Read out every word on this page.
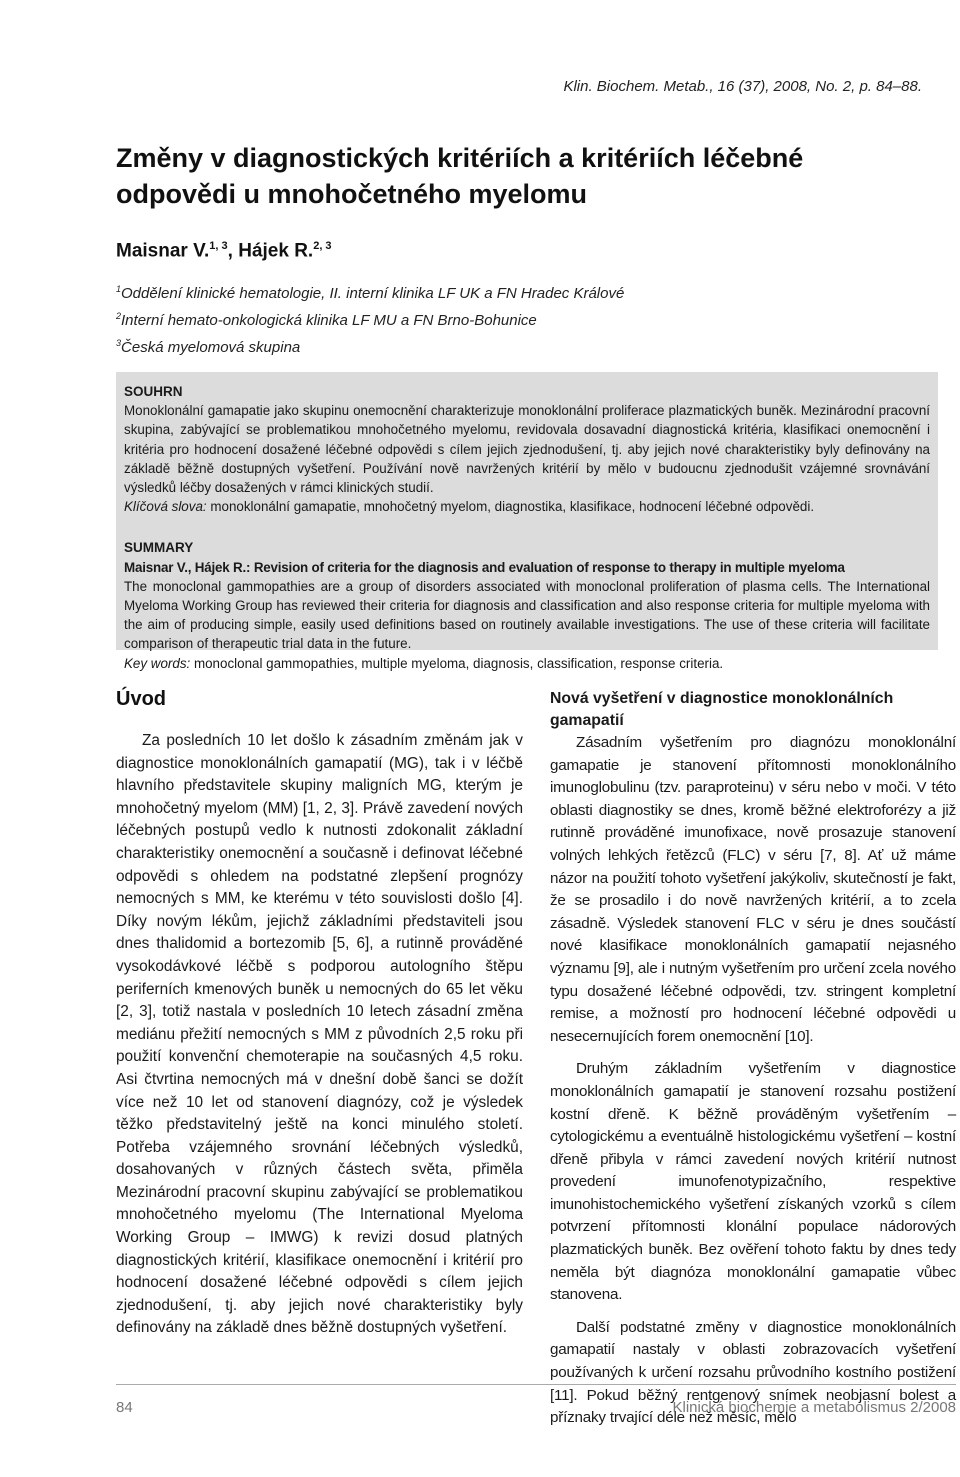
Klin. Biochem. Metab., 16 (37), 2008, No. 2, p. 84–88.
Změny v diagnostických kritériích a kritériích léčebné odpovědi u mnohočetného myelomu
Maisnar V.$^{1, 3}$, Hájek R.$^{2, 3}$
$^1$Oddělení klinické hematologie, II. interní klinika LF UK a FN Hradec Králové
$^2$Interní hemato-onkologická klinika LF MU a FN Brno-Bohunice
$^3$Česká myelomová skupina
SOUHRN

Monoklonální gamapatie jako skupinu onemocnění charakterizuje monoklonální proliferace plazmatických buněk. Mezinárodní pracovní skupina, zabývající se problematikou mnohočetného myelomu, revidovala dosavadní diagnostická kritéria, klasifikaci onemocnění i kritéria pro hodnocení dosažené léčebné odpovědi s cílem jejich zjednodušení, tj. aby jejich nové charakteristiky byly definovány na základě běžně dostupných vyšetření. Používání nově navržených kritérií by mělo v budoucnu zjednodušit vzájemné srovnávání výsledků léčby dosažených v rámci klinických studií.

Klíčová slova: monoklonální gamapatie, mnohočetný myelom, diagnostika, klasifikace, hodnocení léčebné odpovědi.

SUMMARY

Maisnar V., Hájek R.: Revision of criteria for the diagnosis and evaluation of response to therapy in multiple myeloma

The monoclonal gammopathies are a group of disorders associated with monoclonal proliferation of plasma cells. The International Myeloma Working Group has reviewed their criteria for diagnosis and classification and also response criteria for multiple myeloma with the aim of producing simple, easily used definitions based on routinely available investigations. The use of these criteria will facilitate comparison of therapeutic trial data in the future.

Key words: monoclonal gammopathies, multiple myeloma, diagnosis, classification, response criteria.

Úvod

Za posledních 10 let došlo k zásadním změnám jak v diagnostice monoklonálních gamapatií (MG), tak i v léčbě hlavního představitele skupiny maligních MG, kterým je mnohočetný myelom (MM) [1, 2, 3]. Právě zavedení nových léčebných postupů vedlo k nutnosti zdokonalit základní charakteristiky onemocnění a současně i definovat léčebné odpovědi s ohledem na podstatné zlepšení prognózy nemocných s MM, ke kterému v této souvislosti došlo [4]. Díky novým lékům, jejichž základními představiteli jsou dnes thalidomid a bortezomib [5, 6], a rutinně prováděné vysokodávkové léčbě s podporou autologního štěpu periferních kmenových buněk u nemocných do 65 let věku [2, 3], totiž nastala v posledních 10 letech zásadní změna mediánu přežití nemocných s MM z původních 2,5 roku při použití konvenční chemoterapie na současných 4,5 roku. Asi čtvrtina nemocných má v dnešní době šanci se dožít více než 10 let od stanovení diagnózy, což je výsledek těžko představitelný ještě na konci minulého století. Potřeba vzájemného srovnání léčebných výsledků, dosahovaných v různých částech světa, přiměla Mezinárodní pracovní skupinu zabývající se problematikou mnohočetného myelomu (The International Myeloma Working Group – IMWG) k revizi dosud platných diagnostických kritérií, klasifikace onemocnění i kritérií pro hodnocení dosažené léčebné odpovědi s cílem jejich zjednodušení, tj. aby jejich nové charakteristiky byly definovány na základě dnes běžně dostupných vyšetření.

Nová vyšetření v diagnostice monoklonálních gamapatií

Zásadním vyšetřením pro diagnózu monoklonální gamapatie je stanovení přítomnosti monoklonálního imunoglobulinu (tzv. paraproteinu) v séru nebo v moči. V této oblasti diagnostiky se dnes, kromě běžné elektroforézy a již rutinně prováděné imunofixace, nově prosazuje stanovení volných lehkých řetězců (FLC) v séru [7, 8]. Ať už máme názor na použití tohoto vyšetření jakýkoliv, skutečností je fakt, že se prosadilo i do nově navržených kritérií, a to zcela zásadně. Výsledek stanovení FLC v séru je dnes součástí nové klasifikace monoklonálních gamapatií nejasného významu [9], ale i nutným vyšetřením pro určení zcela nového typu dosažené léčebné odpovědi, tzv. stringent kompletní remise, a možností pro hodnocení léčebné odpovědi u nesecernujících forem onemocnění [10].

Druhým základním vyšetřením v diagnostice monoklonálních gamapatií je stanovení rozsahu postižení kostní dřeně. K běžně prováděným vyšetřením – cytologickému a eventuálně histologickému vyšetření – kostní dřeně přibyla v rámci zavedení nových kritérií nutnost provedení imunofenotypizačního, respektive imunohistochemického vyšetření získaných vzorků s cílem potvrzení přítomnosti klonální populace nádorových plazmatických buněk. Bez ověření tohoto faktu by dnes tedy neměla být diagnóza monoklonální gamapatie vůbec stanovena.

Další podstatné změny v diagnostice monoklonálních gamapatií nastaly v oblasti zobrazovacích vyšetření používaných k určení rozsahu průvodního kostního postižení [11]. Pokud běžný rentgenový snímek neobjasní bolest a příznaky trvající déle než měsíc, mělo

84	Klinická biochemie a metabolismus 2/2008
